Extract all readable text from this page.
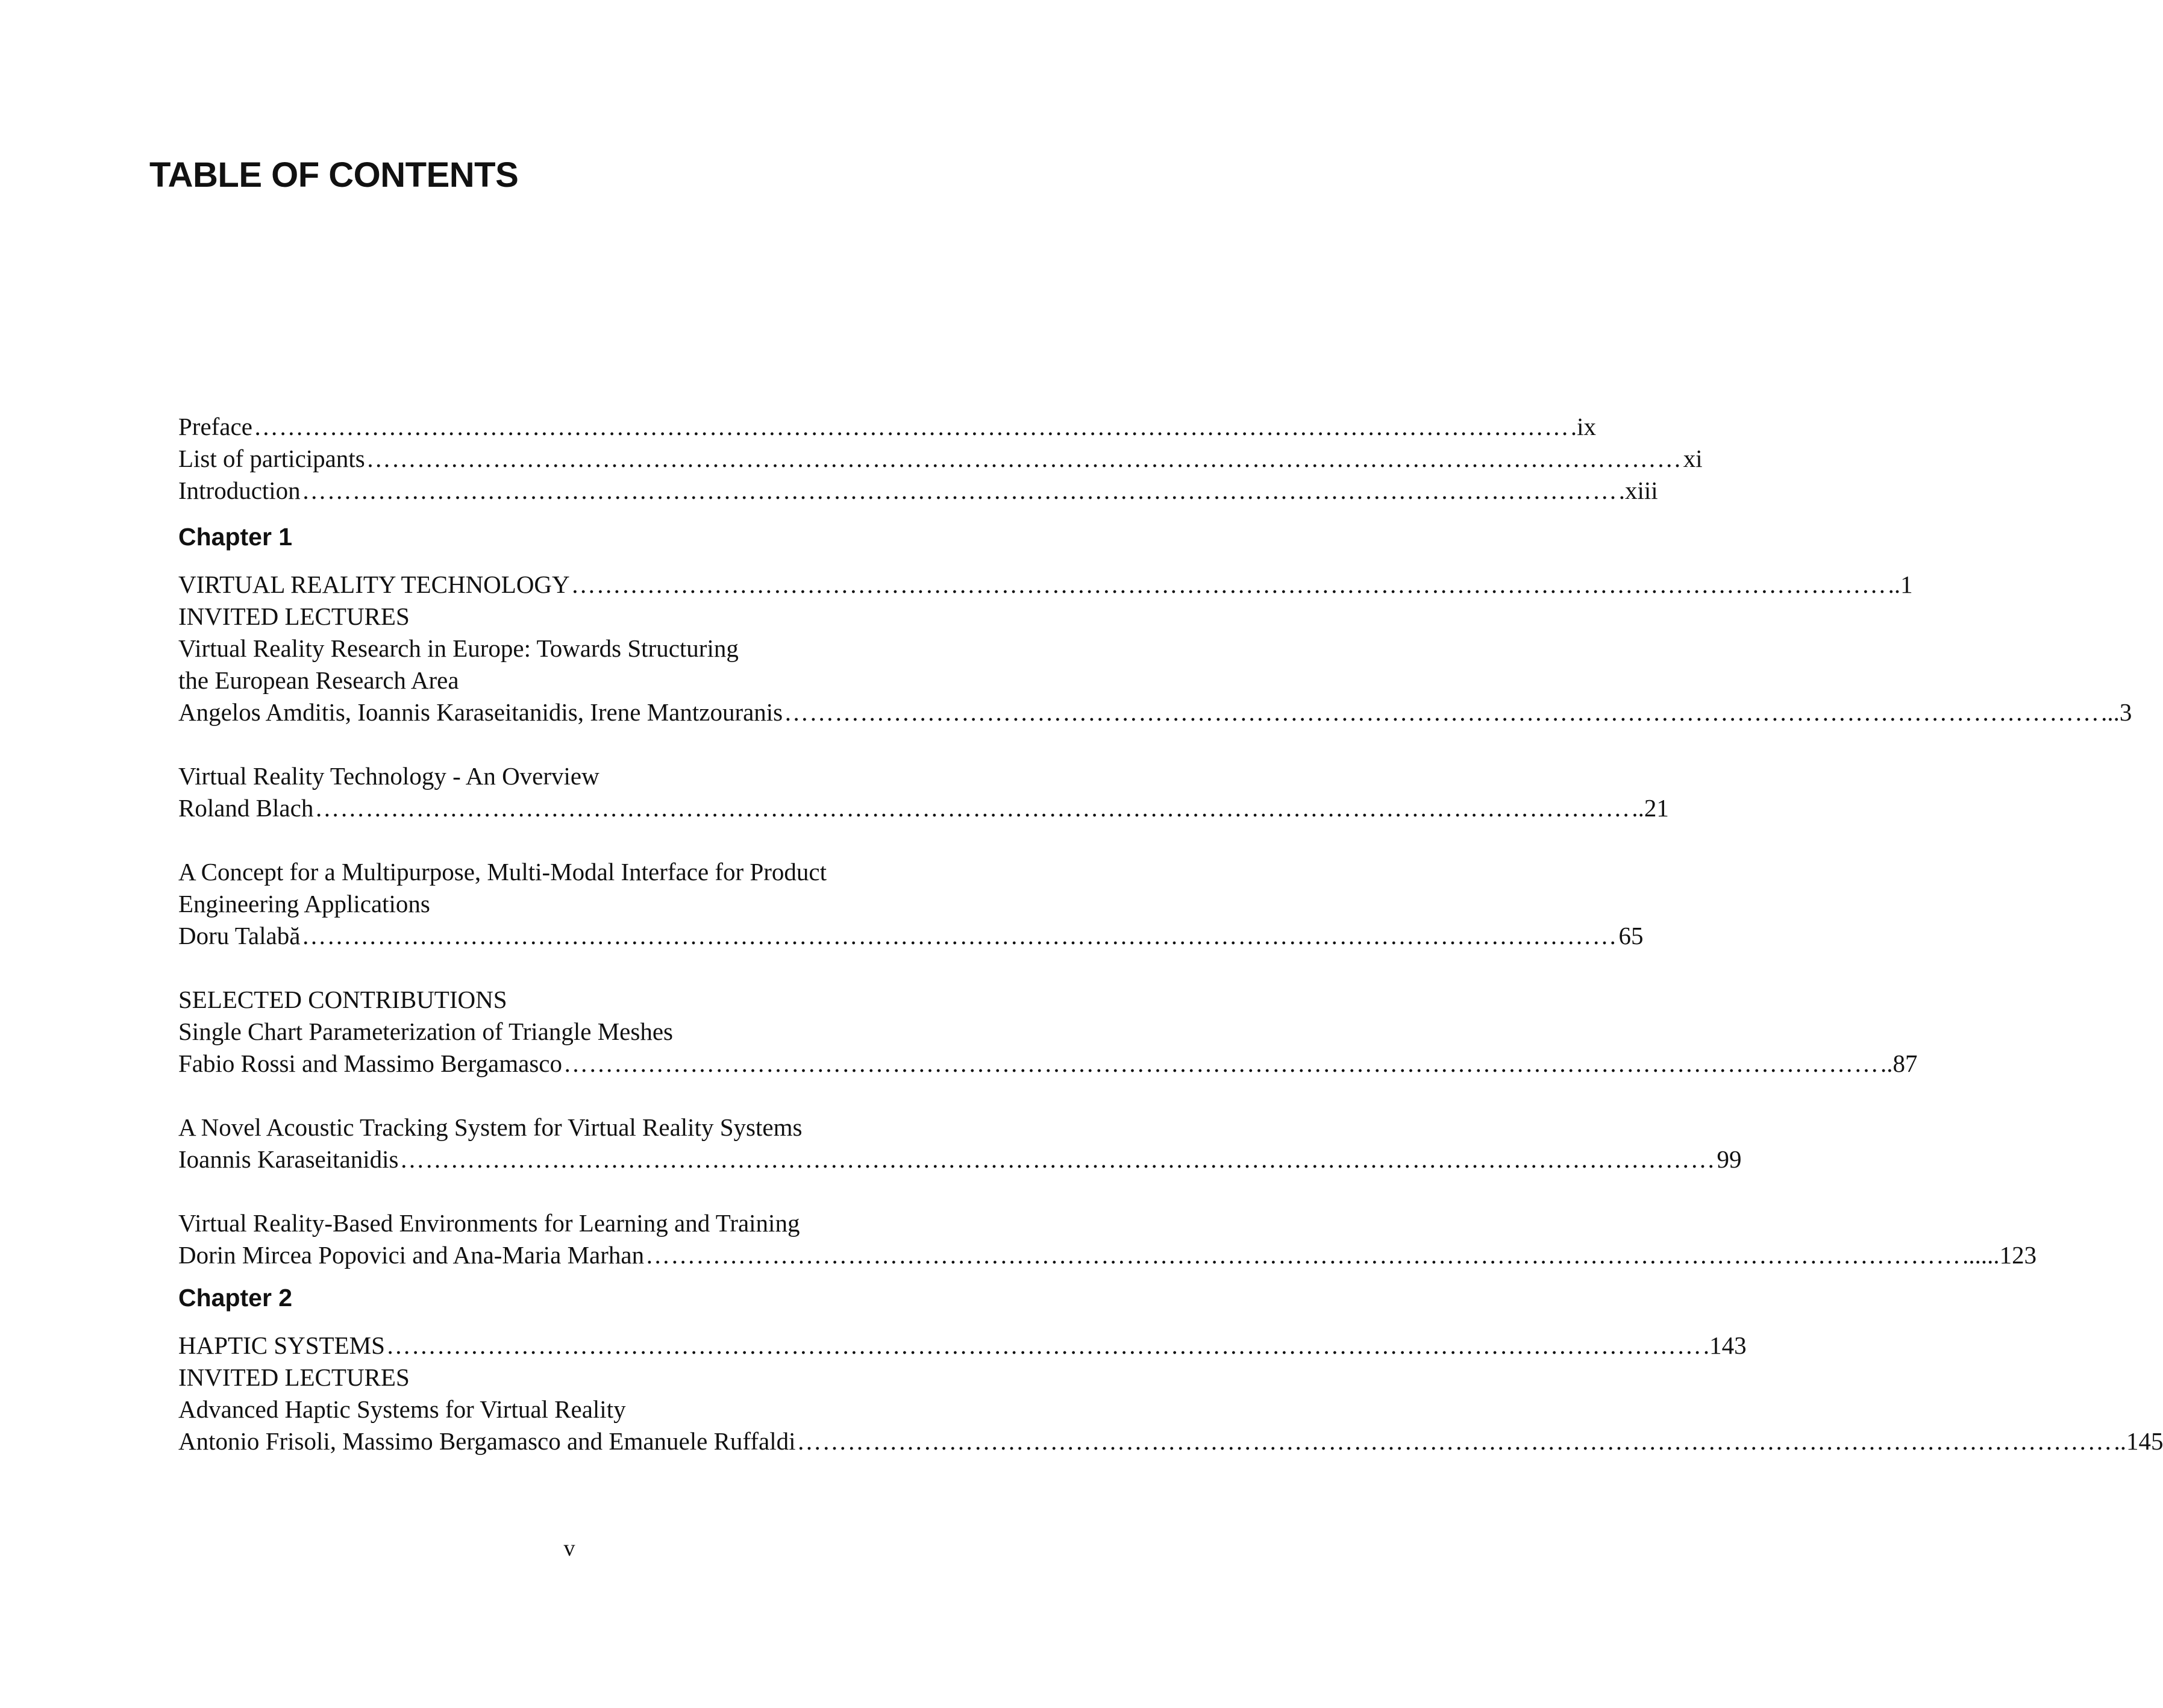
TABLE OF CONTENTS
Preface ………………………………………………………………………………………………………………………………………… .ix
List of participants ………………………………………………………………………………………………………………………………………… xi
Introduction ………………………………………………………………………………………………………………………………………… .xiii
Chapter 1
VIRTUAL REALITY TECHNOLOGY ………………………………………………………………………………………………………………………………………… ..1
INVITED LECTURES
Virtual Reality Research in Europe: Towards Structuring
the European Research Area
Angelos Amditis, Ioannis Karaseitanidis, Irene Mantzouranis ………………………………………………………………………………………………………………………………………… ...3
Virtual Reality Technology - An Overview
Roland Blach ………………………………………………………………………………………………………………………………………… ..21
A Concept for a Multipurpose, Multi-Modal Interface for Product
Engineering Applications
Doru Talabă ………………………………………………………………………………………………………………………………………… 65
SELECTED CONTRIBUTIONS
Single Chart Parameterization of Triangle Meshes
Fabio Rossi and Massimo Bergamasco ………………………………………………………………………………………………………………………………………… ..87
A Novel Acoustic Tracking System for Virtual Reality Systems
Ioannis Karaseitanidis ………………………………………………………………………………………………………………………………………… 99
Virtual Reality-Based Environments for Learning and Training
Dorin Mircea Popovici and Ana-Maria Marhan ………………………………………………………………………………………………………………………………………… ......123
Chapter 2
HAPTIC SYSTEMS ………………………………………………………………………………………………………………………………………… .143
INVITED LECTURES
Advanced Haptic Systems for Virtual Reality
Antonio Frisoli, Massimo Bergamasco and Emanuele Ruffaldi ………………………………………………………………………………………………………………………………………… ..145
v
